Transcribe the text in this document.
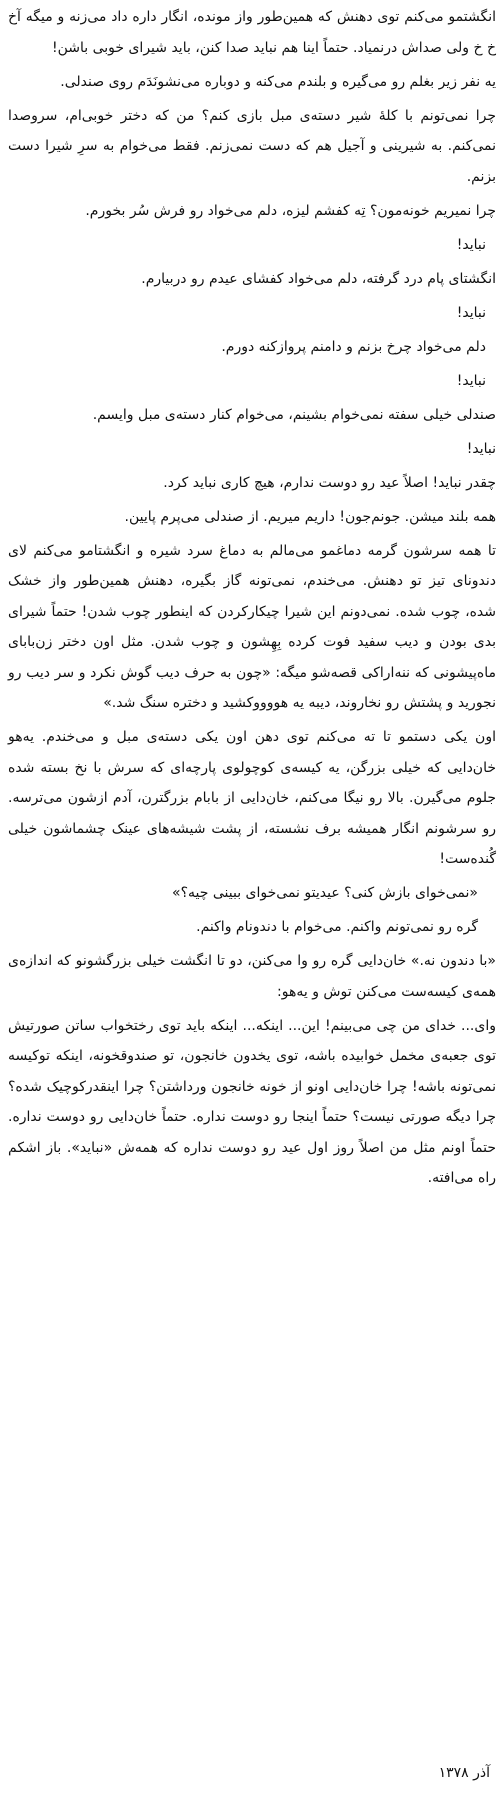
انگشتمو می‌کنم توی دهنش که همین‌طور واز مونده، انگار داره داد می‌زنه و میگه آخ خ خ ولی صداش درنمیاد. حتماً اینا هم نباید صدا کنن، باید شیرای خوبی باشن!

یه نفر زیر بغلم رو می‌گیره و بلندم می‌کنه و دوباره می‌نشونَدَم روی صندلی.

چرا نمی‌تونم با کلهٔ شیر دسته‌ی مبل بازی کنم؟ من که دختر خوبی‌ام، سروصدا نمی‌کنم. به شیرینی و آجیل هم که دست نمی‌زنم. فقط می‌خوام به سرِ شیرا دست بزنم.

چرا نمیریم خونه‌مون؟ تِه کفشم لیزه، دلم می‌خواد رو فرش سُر بخورم.

نباید!

انگشتای پام درد گرفته، دلم می‌خواد کفشای عیدم رو دربیارم.

نباید!

دلم می‌خواد چرخ بزنم و دامنم پروازکنه دورم.

نباید!

صندلی خیلی سفته نمی‌خوام بشینم، می‌خوام کنار دسته‌ی مبل وایسم.

نباید!

چقدر نباید! اصلاً عید رو دوست ندارم، هیچ کاری نباید کرد.

همه بلند میشن. جونم‌جون! داریم میریم. از صندلی می‌پرم پایین.

تا همه سرشون گرمه دماغمو می‌مالم به دماغ سرد شیره و انگشتامو می‌کنم لای دندونای تیز تو دهنش. می‌خندم، نمی‌تونه گاز بگیره، دهنش همین‌طور واز خشک شده، چوب شده. نمی‌دونم این شیرا چیکارکردن که اینطور چوب شدن! حتماً شیرای بدی بودن و دیب سفید فوت کرده بِهِشون و چوب شدن. مثل اون دختر زن‌بابای ماه‌پیشونی که ننه‌اراکی قصه‌شو میگه: «چون به حرف دیب گوش نکرد و سر دیب رو نجورید و پشتش رو نخاروند، دیبه یه هووووکشید و دختره سنگ شد.»

اون یکی دستمو تا ته می‌کنم توی دهن اون یکی دسته‌ی مبل و می‌خندم. یه‌هو خان‌دایی که خیلی بزرگن، یه کیسه‌ی کوچولوی پارچه‌ای که سرش با نخ بسته شده جلوم می‌گیرن. بالا رو نیگا می‌کنم، خان‌دایی از بابام بزرگترن، آدم ازشون می‌ترسه. رو سرشونم انگار همیشه برف نشسته، از پشت شیشه‌های عینک چشماشون خیلی گُنده‌ست!

«نمی‌خوای بازش کنی؟ عیدیتو نمی‌خوای ببینی چیه؟»

گره رو نمی‌تونم واکنم. می‌خوام با دندونام واکنم.

«با دندون نه.» خان‌دایی گره رو وا می‌کنن، دو تا انگشت خیلی بزرگشونو که اندازه‌ی همه‌ی کیسه‌ست می‌کنن توش و یه‌هو:

وای... خدای من چی می‌بینم! این... اینکه... اینکه باید توی رختخواب ساتن صورتیش توی جعبه‌ی مخمل خوابیده باشه، توی یخدون خانجون، تو صندوقخونه، اینکه توکیسه نمی‌تونه باشه! چرا خان‌دایی اونو از خونه خانجون ورداشتن؟ چرا اینقدرکوچیک شده؟ چرا دیگه صورتی نیست؟ حتماً اینجا رو دوست نداره. حتماً خان‌دایی رو دوست نداره. حتماً اونم مثل من اصلاً روز اول عید رو دوست نداره که همه‌ش «نباید». باز اشکم راه می‌افته.

آذر ۱۳۷۸
